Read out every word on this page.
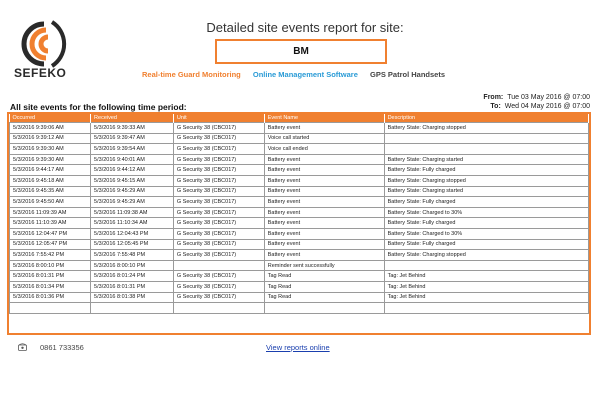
SEFEKO
Detailed site events report for site:
BM
Real-time Guard Monitoring Online Management Software GPS Patrol Handsets
All site events for the following time period:
From: Tue 03 May 2016 @ 07:00
To: Wed 04 May 2016 @ 07:00
Occurred	Received	Unit	Event Name	Description
5/3/2016 9:39:06 AM	5/3/2016 9:39:33 AM	G Security 38 (CBC017)	Battery event	Battery State: Charging stopped
5/3/2016 9:39:12 AM	5/3/2016 9:39:47 AM	G Security 38 (CBC017)	Voice call started	
5/3/2016 9:39:30 AM	5/3/2016 9:39:54 AM	G Security 38 (CBC017)	Voice call ended	
5/3/2016 9:39:30 AM	5/3/2016 9:40:01 AM	G Security 38 (CBC017)	Battery event	Battery State: Charging started
5/3/2016 9:44:17 AM	5/3/2016 9:44:12 AM	G Security 38 (CBC017)	Battery event	Battery State: Fully charged
5/3/2016 9:45:18 AM	5/3/2016 9:45:15 AM	G Security 38 (CBC017)	Battery event	Battery State: Charging stopped
5/3/2016 9:45:35 AM	5/3/2016 9:45:29 AM	G Security 38 (CBC017)	Battery event	Battery State: Charging started
5/3/2016 9:45:50 AM	5/3/2016 9:45:29 AM	G Security 38 (CBC017)	Battery event	Battery State: Fully charged
5/3/2016 11:09:39 AM	5/3/2016 11:09:38 AM	G Security 38 (CBC017)	Battery event	Battery State: Charged to 30%
5/3/2016 11:10:39 AM	5/3/2016 11:10:34 AM	G Security 38 (CBC017)	Battery event	Battery State: Fully charged
5/3/2016 12:04:47 PM	5/3/2016 12:04:43 PM	G Security 38 (CBC017)	Battery event	Battery State: Charged to 30%
5/3/2016 12:05:47 PM	5/3/2016 12:05:45 PM	G Security 38 (CBC017)	Battery event	Battery State: Fully charged
5/3/2016 7:55:42 PM	5/3/2016 7:55:48 PM	G Security 38 (CBC017)	Battery event	Battery State: Charging stopped
5/3/2016 8:00:10 PM	5/3/2016 8:00:10 PM		Reminder sent successfully	
5/3/2016 8:01:31 PM	5/3/2016 8:01:24 PM	G Security 38 (CBC017)	Tag Read	Tag: Jet Behind
5/3/2016 8:01:34 PM	5/3/2016 8:01:31 PM	G Security 38 (CBC017)	Tag Read	Tag: Jet Behind
5/3/2016 8:01:36 PM	5/3/2016 8:01:38 PM	G Security 38 (CBC017)	Tag Read	Tag: Jet Behind

0861 733356	View reports online
